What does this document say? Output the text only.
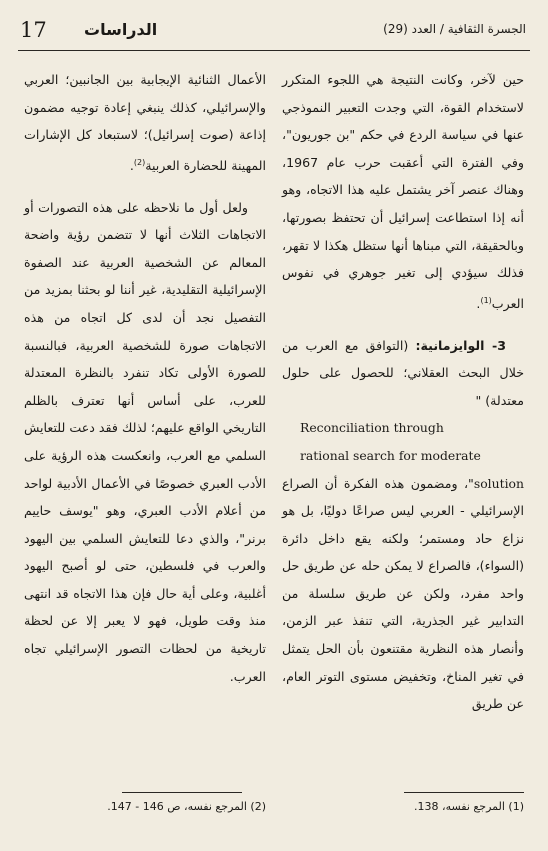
17 الدراسات	الجسرة الثقافية / العدد (29)

حين لآخر، وكانت النتيجة هي اللجوء المتكرر لاستخدام القوة، التي وجدت التعبير النموذجي عنها في سياسة الردع في حكم "بن جوريون"، وفي الفترة التي أعقبت حرب عام 1967، وهناك عنصر آخر يشتمل عليه هذا الاتجاه، وهو أنه إذا استطاعت إسرائيل أن تحتفظ بصورتها، وبالحقيقة، التي مبناها أنها ستظل هكذا لا تقهر، فذلك سيؤدي إلى تغير جوهري في نفوس العرب$^{(1)}$.

3- الوايزمانية: (التوافق مع العرب من خلال البحث العقلاني؛ للحصول على حلول معتدلة) "
Reconciliation through
rational search for moderate
solution"، ومضمون هذه الفكرة أن الصراع الإسرائيلي - العربي ليس صراعًا دوليًا، بل هو نزاع حاد ومستمر؛ ولكنه يقع داخل دائرة (السواء)، فالصراع لا يمكن حله عن طريق حل واحد مفرد، ولكن عن طريق سلسلة من التدابير غير الجذرية، التي تنفذ عبر الزمن، وأنصار هذه النظرية مقتنعون بأن الحل يتمثل في تغير المناخ، وتخفيض مستوى التوتر العام، عن طريق

الأعمال الثنائية الإيجابية بين الجانبين؛ العربي والإسرائيلي، كذلك ينبغي إعادة توجيه مضمون إذاعة (صوت إسرائيل)؛ لاستبعاد كل الإشارات المهينة للحضارة العربية$^{(2)}$.

ولعل أول ما نلاحظه على هذه التصورات أو الاتجاهات الثلاث أنها لا تتضمن رؤية واضحة المعالم عن الشخصية العربية عند الصفوة الإسرائيلية التقليدية، غير أننا لو بحثنا بمزيد من التفصيل نجد أن لدى كل اتجاه من هذه الاتجاهات صورة للشخصية العربية، فبالنسبة للصورة الأولى تكاد تنفرد بالنظرة المعتدلة للعرب، على أساس أنها تعترف بالظلم التاريخي الواقع عليهم؛ لذلك فقد دعت للتعايش السلمي مع العرب، وانعكست هذه الرؤية على الأدب العبري خصوصًا في الأعمال الأدبية لواحد من أعلام الأدب العبري، وهو "يوسف حاييم برنر"، والذي دعا للتعايش السلمي بين اليهود والعرب في فلسطين، حتى لو أصبح اليهود أغلبية، وعلى أية حال فإن هذا الاتجاه قد انتهى منذ وقت طويل، فهو لا يعبر إلا عن لحظة تاريخية من لحظات التصور الإسرائيلي تجاه العرب.

(1) المرجع نفسه، 138.
(2) المرجع نفسه، ص 146 - 147.
